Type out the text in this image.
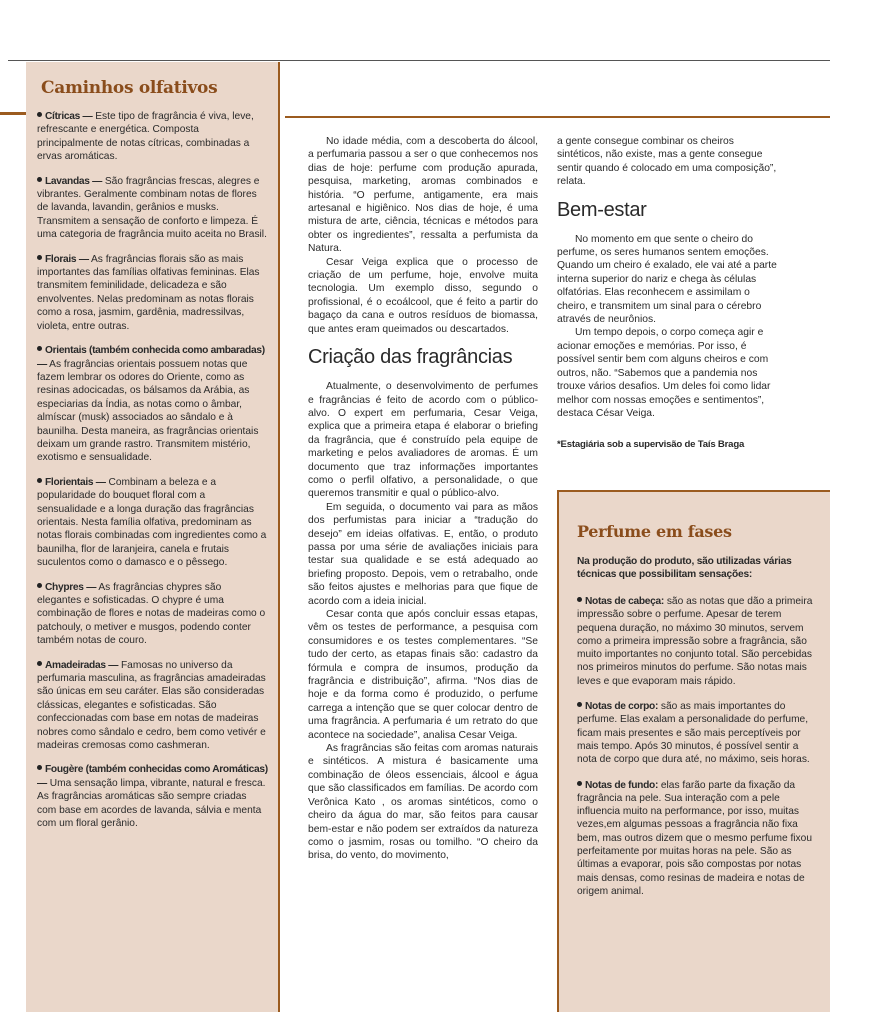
Caminhos olfativos
Cítricas — Este tipo de fragrância é viva, leve, refrescante e energética. Composta principalmente de notas cítricas, combinadas a ervas aromáticas.
Lavandas — São fragrâncias frescas, alegres e vibrantes. Geralmente combinam notas de flores de lavanda, lavandin, gerânios e musks. Transmitem a sensação de conforto e limpeza. É uma categoria de fragrância muito aceita no Brasil.
Florais — As fragrâncias florais são as mais importantes das famílias olfativas femininas. Elas transmitem feminilidade, delicadeza e são envolventes. Nelas predominam as notas florais como a rosa, jasmim, gardênia, madressilvas, violeta, entre outras.
Orientais (também conhecida como ambaradas) — As fragrâncias orientais possuem notas que fazem lembrar os odores do Oriente, como as resinas adocicadas, os bálsamos da Arábia, as especiarias da Índia, as notas como o âmbar, almíscar (musk) associados ao sândalo e à baunilha. Desta maneira, as fragrâncias orientais deixam um grande rastro. Transmitem mistério, exotismo e sensualidade.
Florientais — Combinam a beleza e a popularidade do bouquet floral com a sensualidade e a longa duração das fragrâncias orientais. Nesta família olfativa, predominam as notas florais combinadas com ingredientes como a baunilha, flor de laranjeira, canela e frutais suculentos como o damasco e o pêssego.
Chypres — As fragrâncias chypres são elegantes e sofisticadas. O chypre é uma combinação de flores e notas de madeiras como o patchouly, o metiver e musgos, podendo conter também notas de couro.
Amadeiradas — Famosas no universo da perfumaria masculina, as fragrâncias amadeiradas são únicas em seu caráter. Elas são consideradas clássicas, elegantes e sofisticadas. São confeccionadas com base em notas de madeiras nobres como sândalo e cedro, bem como vetivér e madeiras cremosas como cashmeran.
Fougère (também conhecidas como Aromáticas) — Uma sensação limpa, vibrante, natural e fresca. As fragrâncias aromáticas são sempre criadas com base em acordes de lavanda, sálvia e menta com um floral gerânio.

No idade média, com a descoberta do álcool, a perfumaria passou a ser o que conhecemos nos dias de hoje: perfume com produção apurada, pesquisa, marketing, aromas combinados e história. “O perfume, antigamente, era mais artesanal e higiênico. Nos dias de hoje, é uma mistura de arte, ciência, técnicas e métodos para obter os ingredientes”, ressalta a perfumista da Natura.

Cesar Veiga explica que o processo de criação de um perfume, hoje, envolve muita tecnologia. Um exemplo disso, segundo o profissional, é o ecoálcool, que é feito a partir do bagaço da cana e outros resíduos de biomassa, que antes eram queimados ou descartados.

Criação das fragrâncias

Atualmente, o desenvolvimento de perfumes e fragrâncias é feito de acordo com o público-alvo. O expert em perfumaria, Cesar Veiga, explica que a primeira etapa é elaborar o briefing da fragrância, que é construído pela equipe de marketing e pelos avaliadores de aromas. É um documento que traz informações importantes como o perfil olfativo, a personalidade, o que queremos transmitir e qual o público-alvo.

Em seguida, o documento vai para as mãos dos perfumistas para iniciar a “tradução do desejo” em ideias olfativas. E, então, o produto passa por uma série de avaliações iniciais para testar sua qualidade e se está adequado ao briefing proposto. Depois, vem o retrabalho, onde são feitos ajustes e melhorias para que fique de acordo com a ideia inicial.

Cesar conta que após concluir essas etapas, vêm os testes de performance, a pesquisa com consumidores e os testes complementares. “Se tudo der certo, as etapas finais são: cadastro da fórmula e compra de insumos, produção da fragrância e distribuição”, afirma. “Nos dias de hoje e da forma como é produzido, o perfume carrega a intenção que se quer colocar dentro de uma fragrância. A perfumaria é um retrato do que acontece na sociedade”, analisa Cesar Veiga.

As fragrâncias são feitas com aromas naturais e sintéticos. A mistura é basicamente uma combinação de óleos essenciais, álcool e água que são classificados em famílias. De acordo com Verônica Kato , os aromas sintéticos, como o cheiro da água do mar, são feitos para causar bem-estar e não podem ser extraídos da natureza como o jasmim, rosas ou tomilho. “O cheiro da brisa, do vento, do movimento,

a gente consegue combinar os cheiros sintéticos, não existe, mas a gente consegue sentir quando é colocado em uma composição”, relata.

Bem-estar

No momento em que sente o cheiro do perfume, os seres humanos sentem emoções. Quando um cheiro é exalado, ele vai até a parte interna superior do nariz e chega às células olfatórias. Elas reconhecem e assimilam o cheiro, e transmitem um sinal para o cérebro através de neurônios.

Um tempo depois, o corpo começa agir e acionar emoções e memórias. Por isso, é possível sentir bem com alguns cheiros e com outros, não. “Sabemos que a pandemia nos trouxe vários desafios. Um deles foi como lidar melhor com nossas emoções e sentimentos”, destaca César Veiga.

*Estagiária sob a supervisão de Taís Braga

Perfume em fases
Na produção do produto, são utilizadas várias técnicas que possibilitam sensações:
Notas de cabeça: são as notas que dão a primeira impressão sobre o perfume. Apesar de terem pequena duração, no máximo 30 minutos, servem como a primeira impressão sobre a fragrância, são muito importantes no conjunto total. São percebidas nos primeiros minutos do perfume. São notas mais leves e que evaporam mais rápido.
Notas de corpo: são as mais importantes do perfume. Elas exalam a personalidade do perfume, ficam mais presentes e são mais perceptíveis por mais tempo. Após 30 minutos, é possível sentir a nota de corpo que dura até, no máximo, seis horas.
Notas de fundo: elas farão parte da fixação da fragrância na pele. Sua interação com a pele influencia muito na performance, por isso, muitas vezes,em algumas pessoas a fragrância não fixa bem, mas outros dizem que o mesmo perfume fixou perfeitamente por muitas horas na pele. São as últimas a evaporar, pois são compostas por notas mais densas, como resinas de madeira e notas de origem animal.
